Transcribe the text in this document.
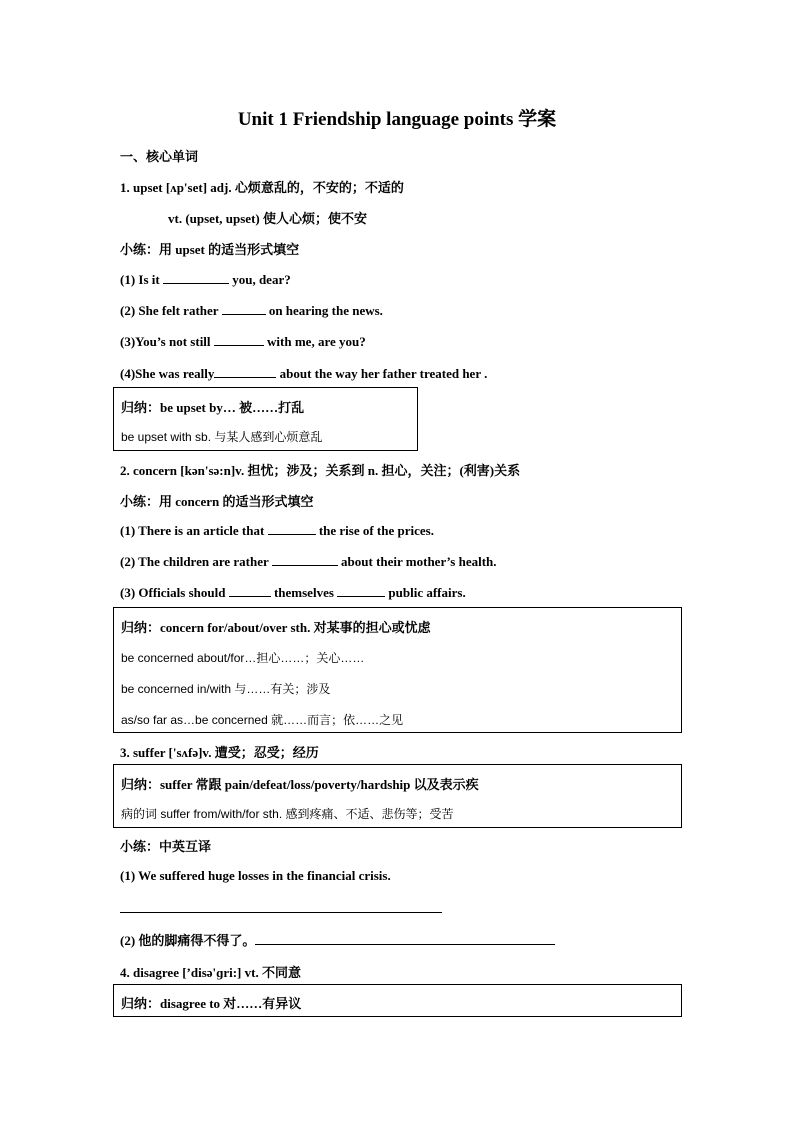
Unit 1 Friendship language points 学案
一、核心单词
1. upset [ʌp'set] adj. 心烦意乱的，不安的；不适的
vt. (upset, upset) 使人心烦；使不安
小练：用 upset 的适当形式填空
(1) Is it	you, dear?
(2) She felt rather	on hearing the news.
(3)You’s not still	with me, are you?
(4)She was really	about the way her father treated her .
归纳：be upset by… 被……打乱
be upset with sb. 与某人感到心烦意乱
2. concern [kən'sə:n]v. 担忧；涉及；关系到 n. 担心，关注；(利害)关系
小练：用 concern 的适当形式填空
(1) There is an article that	the rise of the prices.
(2) The children are rather	about their mother’s health.
(3) Officials should	themselves	public affairs.
归纳：concern for/about/over sth. 对某事的担心或忧虑
be concerned about/for…担心……；关心……
be concerned in/with 与……有关；涉及
as/so far as…be concerned 就……而言；依……之见
3. suffer ['sʌfə]v. 遭受；忍受；经历
归纳：suffer 常跟 pain/defeat/loss/poverty/hardship 以及表示疾
病的词 suffer from/with/for sth. 感到疼痛、不适、悲伤等；受苦
小练：中英互译
(1) We suffered huge losses in the financial crisis.
(2) 他的脚痛得不得了。
4. disagree [’disə'ɡri:] vt. 不同意
归纳：disagree to 对……有异议
